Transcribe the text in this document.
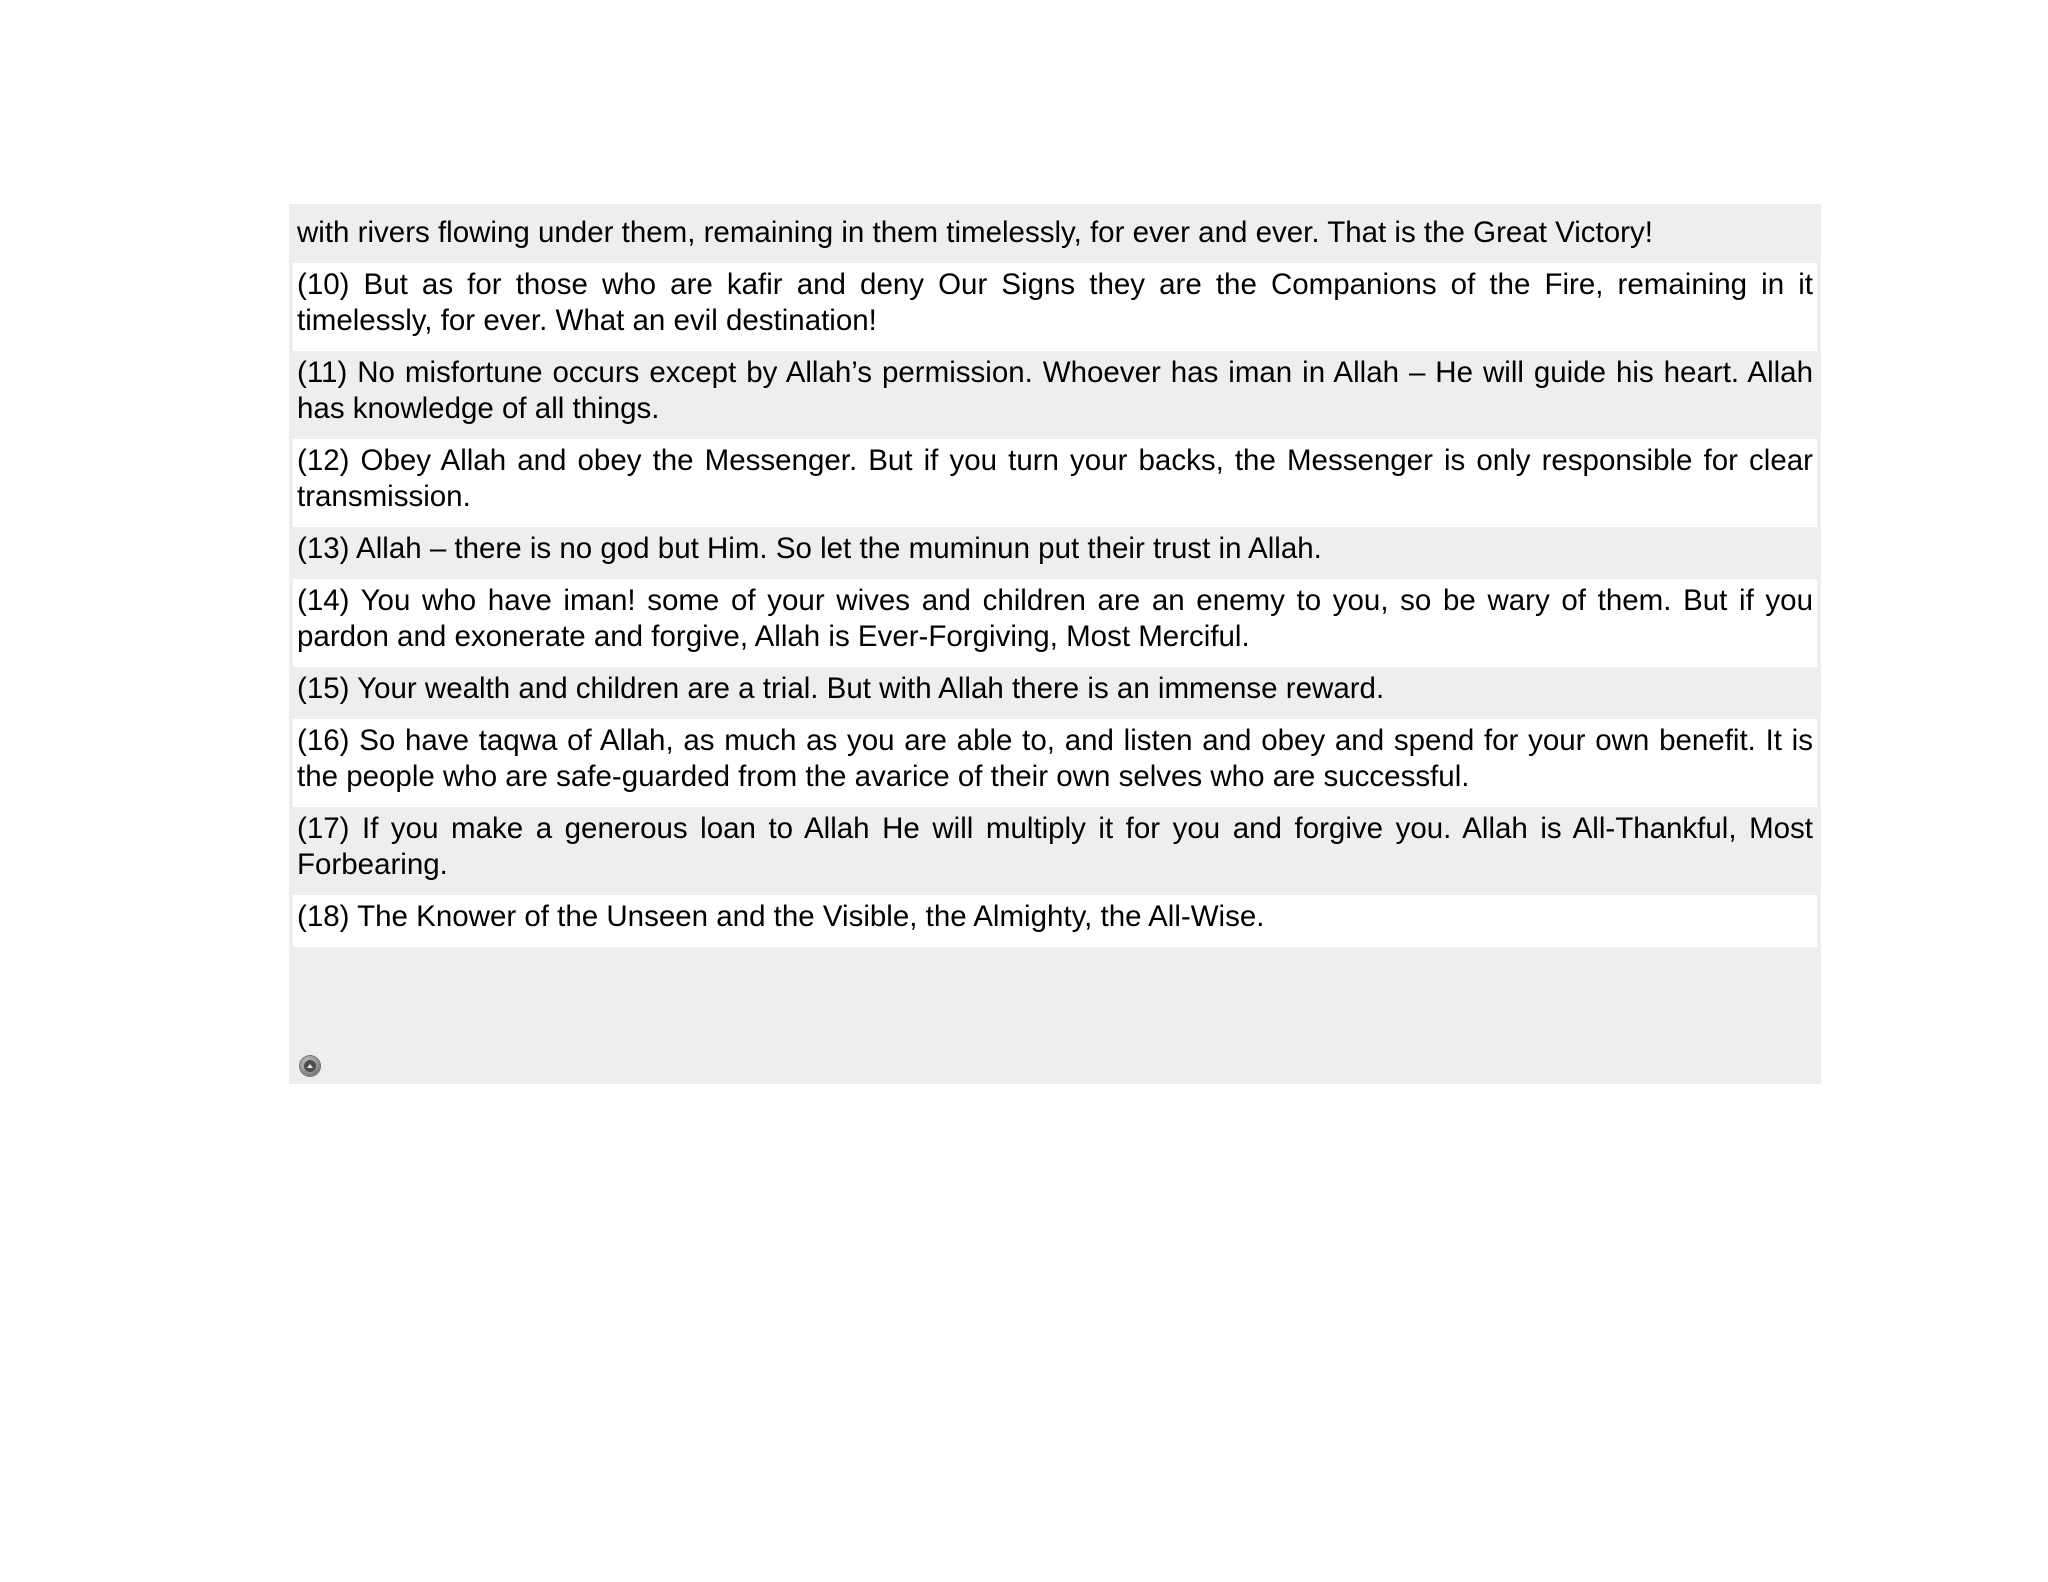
with rivers flowing under them, remaining in them timelessly, for ever and ever. That is the Great Victory!
(10) But as for those who are kafir and deny Our Signs they are the Companions of the Fire, remaining in it timelessly, for ever. What an evil destination!
(11) No misfortune occurs except by Allah’s permission. Whoever has iman in Allah – He will guide his heart. Allah has knowledge of all things.
(12) Obey Allah and obey the Messenger. But if you turn your backs, the Messenger is only responsible for clear transmission.
(13) Allah – there is no god but Him. So let the muminun put their trust in Allah.
(14) You who have iman! some of your wives and children are an enemy to you, so be wary of them. But if you pardon and exonerate and forgive, Allah is Ever-Forgiving, Most Merciful.
(15) Your wealth and children are a trial. But with Allah there is an immense reward.
(16) So have taqwa of Allah, as much as you are able to, and listen and obey and spend for your own benefit. It is the people who are safe-guarded from the avarice of their own selves who are successful.
(17) If you make a generous loan to Allah He will multiply it for you and forgive you. Allah is All-Thankful, Most Forbearing.
(18) The Knower of the Unseen and the Visible, the Almighty, the All-Wise.
